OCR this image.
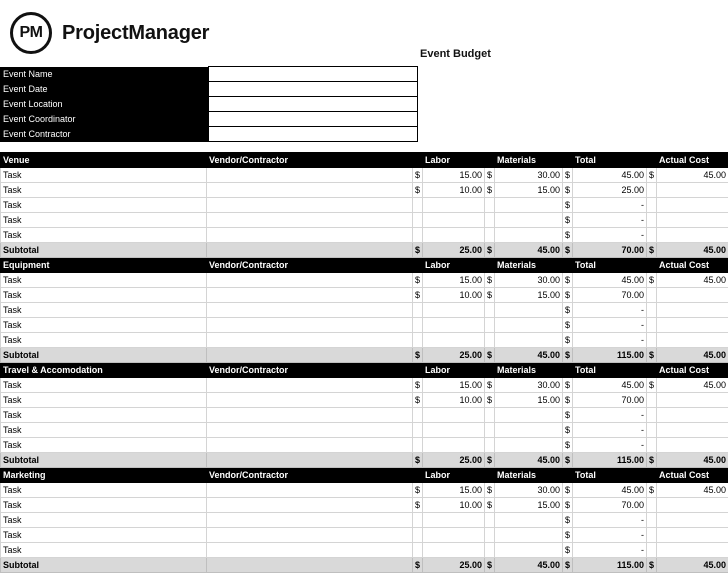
PM ProjectManager
Event Budget
Event Name	
Event Date	
Event Location	
Event Coordinator	
Event Contractor	
Venue	Vendor/Contractor		Labor		Materials		Total		Actual Cost
Task		$	15.00	$	30.00	$	45.00	$	45.00
Task		$	10.00	$	15.00	$	25.00		
Task						$	-		
Task						$	-		
Task						$	-		
Subtotal		$	25.00	$	45.00	$	70.00	$	45.00
Equipment	Vendor/Contractor		Labor		Materials		Total		Actual Cost
Task		$	15.00	$	30.00	$	45.00	$	45.00
Task		$	10.00	$	15.00	$	70.00		
Task						$	-		
Task						$	-		
Task						$	-		
Subtotal		$	25.00	$	45.00	$	115.00	$	45.00
Travel & Accomodation	Vendor/Contractor		Labor		Materials		Total		Actual Cost
Task		$	15.00	$	30.00	$	45.00	$	45.00
Task		$	10.00	$	15.00	$	70.00		
Task						$	-		
Task						$	-		
Task						$	-		
Subtotal		$	25.00	$	45.00	$	115.00	$	45.00
Marketing	Vendor/Contractor		Labor		Materials		Total		Actual Cost
Task		$	15.00	$	30.00	$	45.00	$	45.00
Task		$	10.00	$	15.00	$	70.00		
Task						$	-		
Task						$	-		
Task						$	-		
Subtotal		$	25.00	$	45.00	$	115.00	$	45.00
